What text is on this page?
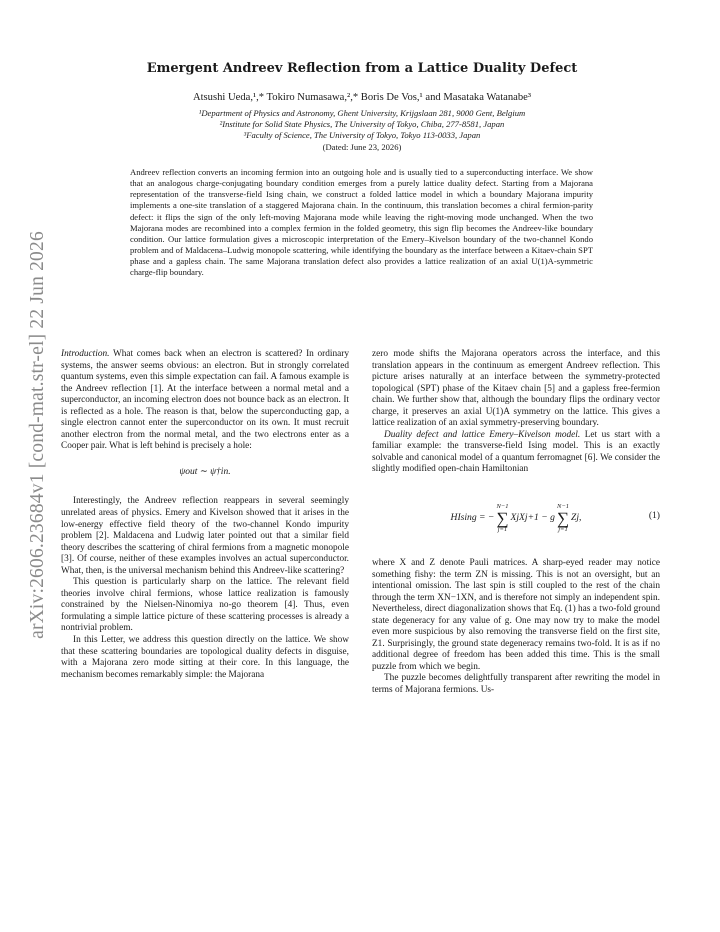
arXiv:2606.23684v1 [cond-mat.str-el] 22 Jun 2026
Emergent Andreev Reflection from a Lattice Duality Defect

Atsushi Ueda,¹,* Tokiro Numasawa,²,* Boris De Vos,¹ and Masataka Watanabe³

¹Department of Physics and Astronomy, Ghent University, Krijgslaan 281, 9000 Gent, Belgium
²Institute for Solid State Physics, The University of Tokyo, Chiba, 277-8581, Japan
³Faculty of Science, The University of Tokyo, Tokyo 113-0033, Japan
(Dated: June 23, 2026)

Andreev reflection converts an incoming fermion into an outgoing hole and is usually tied to a superconducting interface. We show that an analogous charge-conjugating boundary condition emerges from a purely lattice duality defect. Starting from a Majorana representation of the transverse-field Ising chain, we construct a folded lattice model in which a boundary Majorana impurity implements a one-site translation of a staggered Majorana chain. In the continuum, this translation becomes a chiral fermion-parity defect: it flips the sign of the only left-moving Majorana mode while leaving the right-moving mode unchanged. When the two Majorana modes are recombined into a complex fermion in the folded geometry, this sign flip becomes the Andreev-like boundary condition. Our lattice formulation gives a microscopic interpretation of the Emery–Kivelson boundary of the two-channel Kondo problem and of Maldacena–Ludwig monopole scattering, while identifying the boundary as the interface between a Kitaev-chain SPT phase and a gapless chain. The same Majorana translation defect also provides a lattice realization of an axial U(1)A-symmetric charge-flip boundary.

Introduction. What comes back when an electron is scattered? In ordinary systems, the answer seems obvious: an electron. But in strongly correlated quantum systems, even this simple expectation can fail. A famous example is the Andreev reflection [1]. At the interface between a normal metal and a superconductor, an incoming electron does not bounce back as an electron. It is reflected as a hole. The reason is that, below the superconducting gap, a single electron cannot enter the superconductor on its own. It must recruit another electron from the normal metal, and the two electrons enter as a Cooper pair. What is left behind is precisely a hole:

ψout ∼ ψ†in.

Interestingly, the Andreev reflection reappears in several seemingly unrelated areas of physics. Emery and Kivelson showed that it arises in the low-energy effective field theory of the two-channel Kondo impurity problem [2]. Maldacena and Ludwig later pointed out that a similar field theory describes the scattering of chiral fermions from a magnetic monopole [3]. Of course, neither of these examples involves an actual superconductor. What, then, is the universal mechanism behind this Andreev-like scattering?

This question is particularly sharp on the lattice. The relevant field theories involve chiral fermions, whose lattice realization is famously constrained by the Nielsen-Ninomiya no-go theorem [4]. Thus, even formulating a simple lattice picture of these scattering processes is already a nontrivial problem.

In this Letter, we address this question directly on the lattice. We show that these scattering boundaries are topological duality defects in disguise, with a Majorana zero mode sitting at their core. In this language, the mechanism becomes remarkably simple: the Majorana

zero mode shifts the Majorana operators across the interface, and this translation appears in the continuum as emergent Andreev reflection. This picture arises naturally at an interface between the symmetry-protected topological (SPT) phase of the Kitaev chain [5] and a gapless free-fermion chain. We further show that, although the boundary flips the ordinary vector charge, it preserves an axial U(1)A symmetry on the lattice. This gives a lattice realization of an axial symmetry-preserving boundary.

Duality defect and lattice Emery–Kivelson model. Let us start with a familiar example: the transverse-field Ising model. This is an exactly solvable and canonical model of a quantum ferromagnet [6]. We consider the slightly modified open-chain Hamiltonian

HIsing = −
N−1
∑
j=1
XjXj+1 − g
N−1
∑
j=1
Zj,	(1)

where X and Z denote Pauli matrices. A sharp-eyed reader may notice something fishy: the term ZN is missing. This is not an oversight, but an intentional omission. The last spin is still coupled to the rest of the chain through the term XN−1XN, and is therefore not simply an independent spin. Nevertheless, direct diagonalization shows that Eq. (1) has a two-fold ground state degeneracy for any value of g. One may now try to make the model even more suspicious by also removing the transverse field on the first site, Z1. Surprisingly, the ground state degeneracy remains two-fold. It is as if no additional degree of freedom has been added this time. This is the small puzzle from which we begin.

The puzzle becomes delightfully transparent after rewriting the model in terms of Majorana fermions. Us-
